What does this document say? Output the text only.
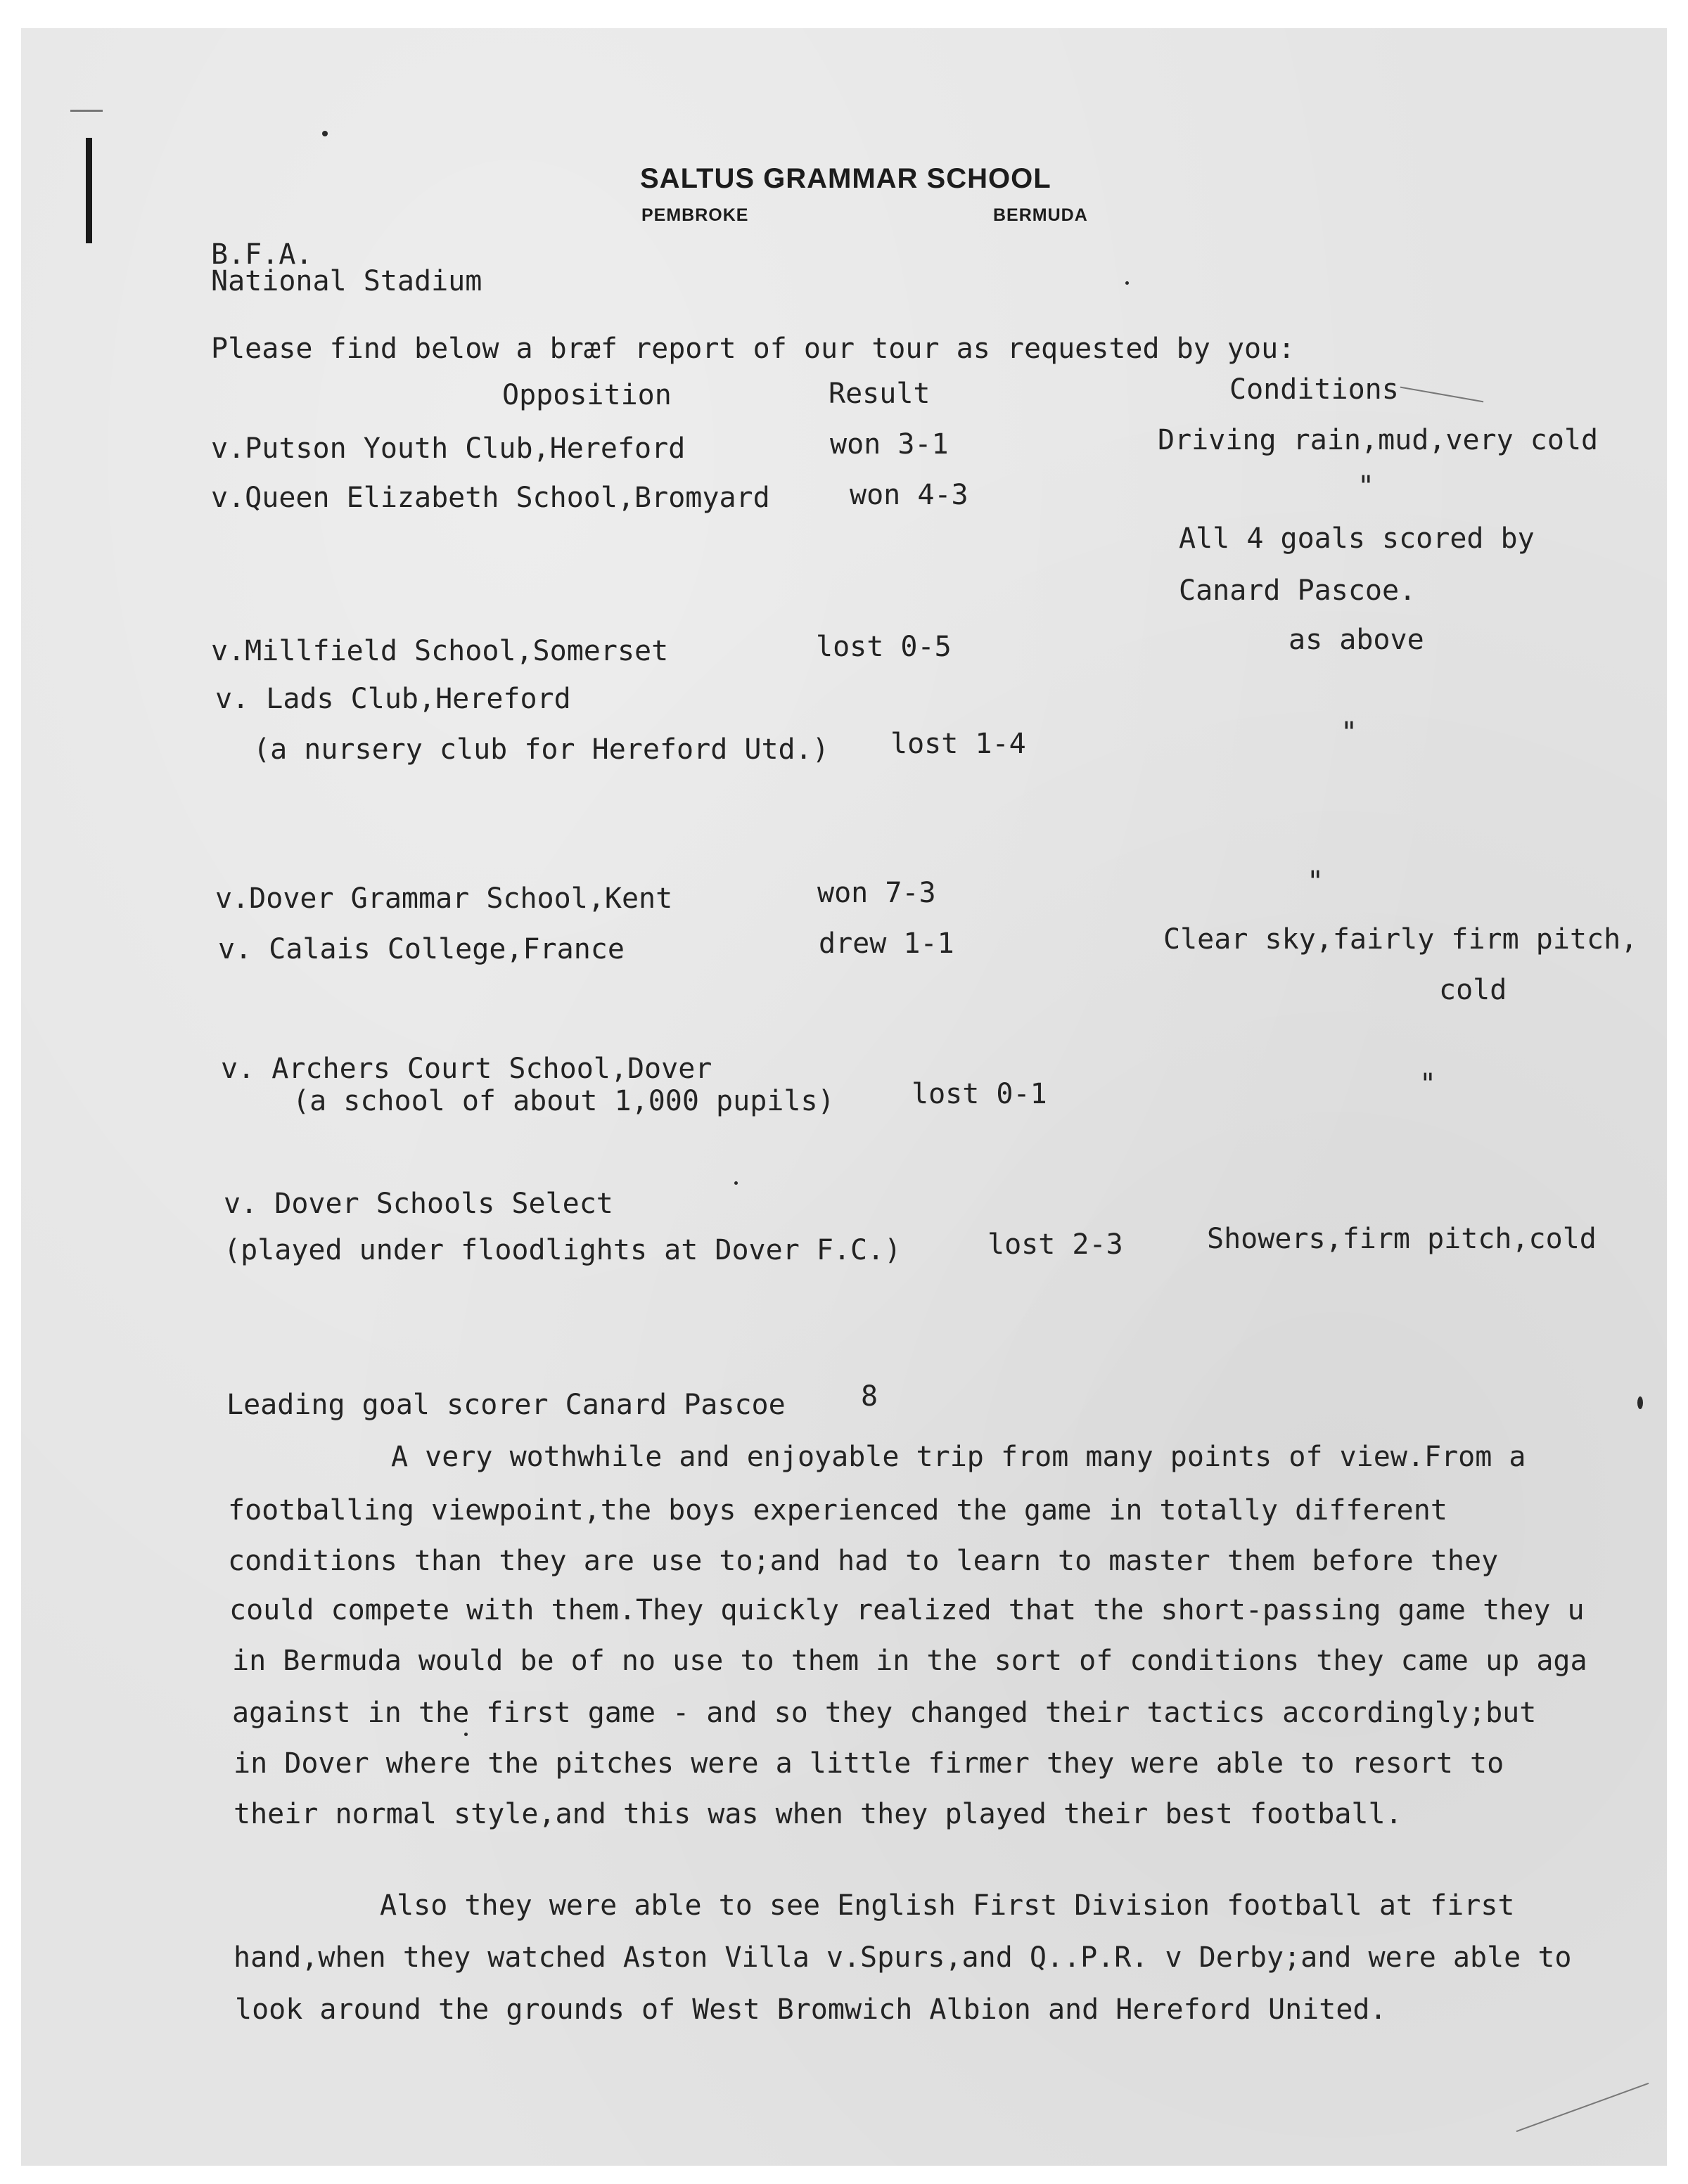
SALTUS GRAMMAR SCHOOL
PEMBROKE	BERMUDA
B.F.A.
National Stadium
Please find below a bræf report of our tour as requested by you:
Opposition	Result	Conditions
v.Putson Youth Club,Hereford	won 3-1	Driving rain,mud,very cold
v.Queen Elizabeth School,Bromyard	won 4-3	"
All 4 goals scored by
Canard Pascoe.
v.Millfield School,Somerset	lost 0-5	as above
v. Lads Club,Hereford
(a nursery club for Hereford Utd.) lost 1-4	"
v.Dover Grammar School,Kent	won 7-3	"
v. Calais College,France	drew 1-1	Clear sky,fairly firm pitch,
cold
v. Archers Court School,Dover
(a school of about 1,000 pupils)	lost 0-1	"
v. Dover Schools Select
(played under floodlights at Dover F.C.)	lost 2-3	Showers,firm pitch,cold
Leading goal scorer Canard Pascoe	8
A very wothwhile and enjoyable trip from many points of view.From a
footballing viewpoint,the boys experienced the game in totally different
conditions than they are use to;and had to learn to master them before they
could compete with them.They quickly realized that the short-passing game they u
in Bermuda would be of no use to them in the sort of conditions they came up aga
against in the first game - and so they changed their tactics accordingly;but
in Dover where the pitches were a little firmer they were able to resort to
their normal style,and this was when they played their best football.
Also they were able to see English First Division football at first
hand,when they watched Aston Villa v.Spurs,and Q..P.R. v Derby;and were able to
look around the grounds of West Bromwich Albion and Hereford United.
